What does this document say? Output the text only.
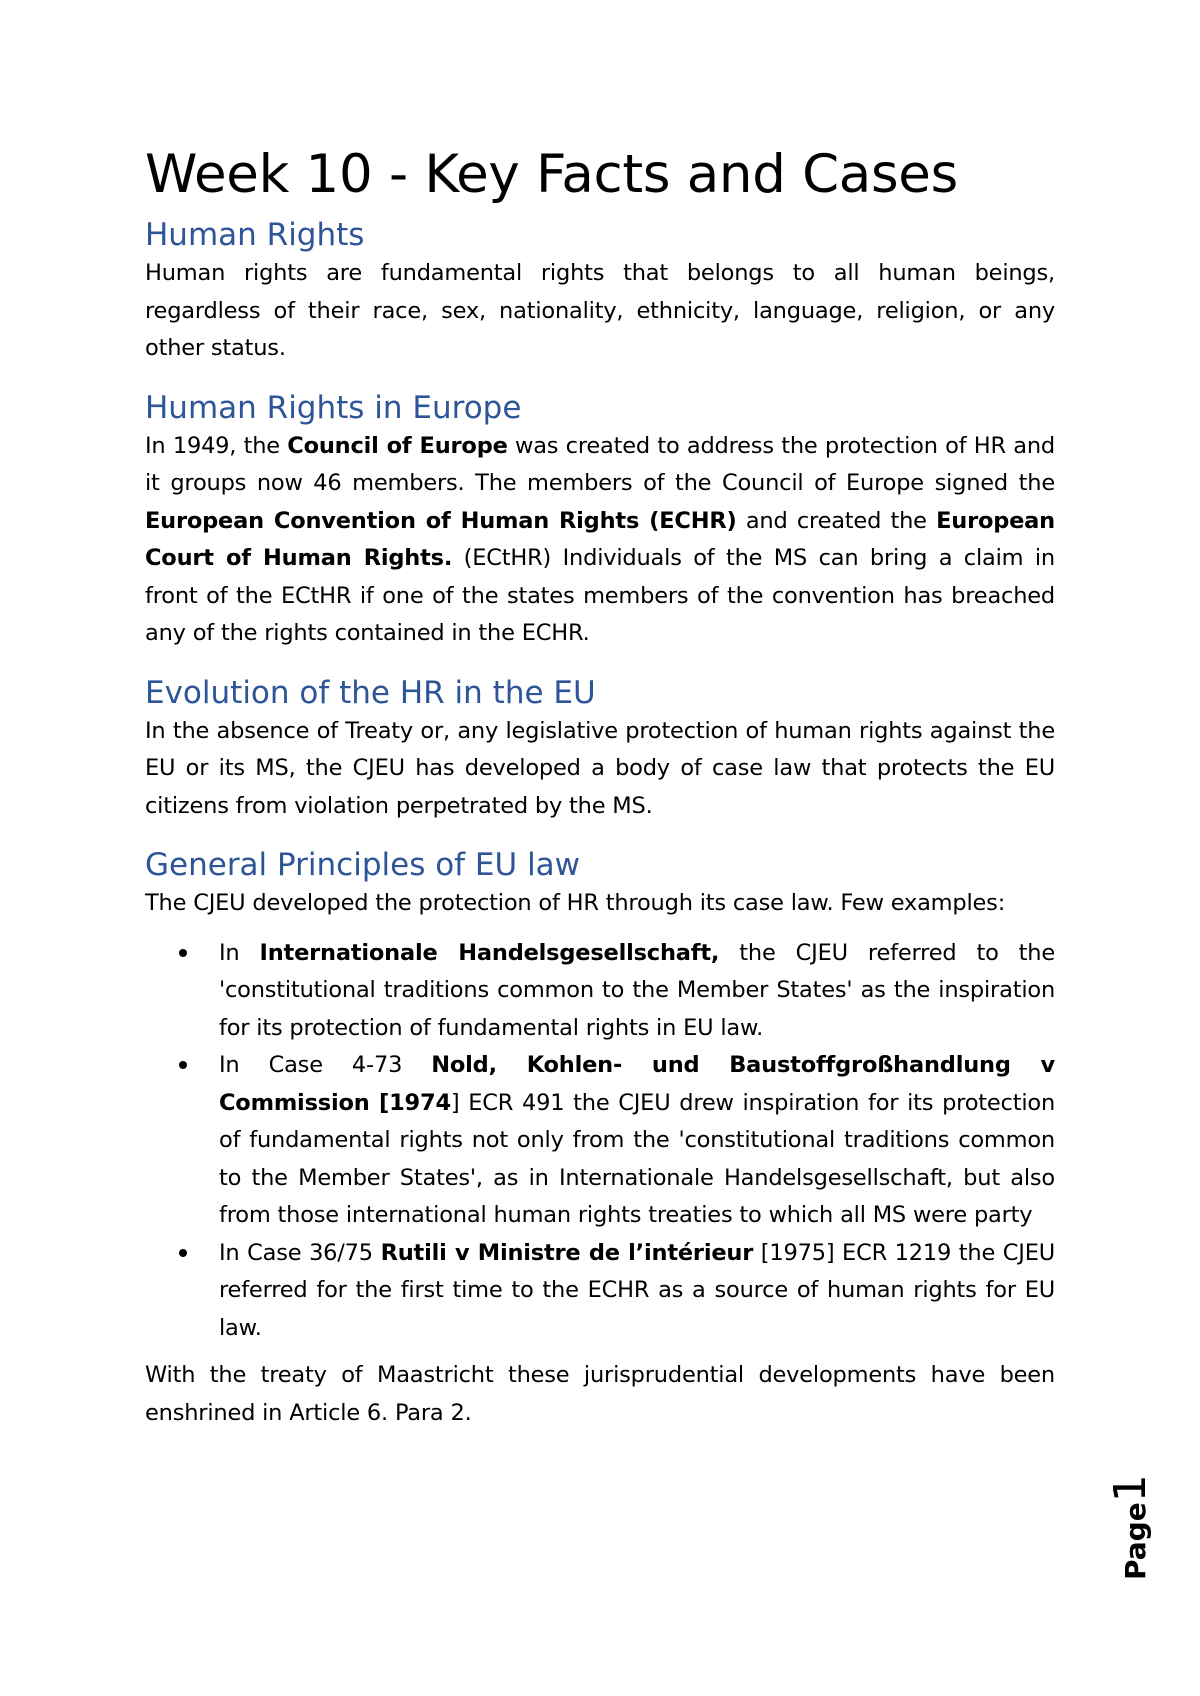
Week 10 - Key Facts and Cases
Human Rights

Human rights are fundamental rights that belongs to all human beings, regardless of their race, sex, nationality, ethnicity, language, religion, or any other status.

Human Rights in Europe

In 1949, the Council of Europe was created to address the protection of HR and it groups now 46 members. The members of the Council of Europe signed the European Convention of Human Rights (ECHR) and created the European Court of Human Rights. (ECtHR) Individuals of the MS can bring a claim in front of the ECtHR if one of the states members of the convention has breached any of the rights contained in the ECHR.

Evolution of the HR in the EU

In the absence of Treaty or, any legislative protection of human rights against the EU or its MS, the CJEU has developed a body of case law that protects the EU citizens from violation perpetrated by the MS.

General Principles of EU law

The CJEU developed the protection of HR through its case law. Few examples:

In Internationale Handelsgesellschaft, the CJEU referred to the 'constitutional traditions common to the Member States' as the inspiration for its protection of fundamental rights in EU law.
In Case 4-73 Nold, Kohlen- und Baustoffgroßhandlung v Commission [1974] ECR 491 the CJEU drew inspiration for its protection of fundamental rights not only from the 'constitutional traditions common to the Member States', as in Internationale Handelsgesellschaft, but also from those international human rights treaties to which all MS were party
In Case 36/75 Rutili v Ministre de l’intérieur [1975] ECR 1219 the CJEU referred for the first time to the ECHR as a source of human rights for EU law.

With the treaty of Maastricht these jurisprudential developments have been enshrined in Article 6. Para 2.

Page1
